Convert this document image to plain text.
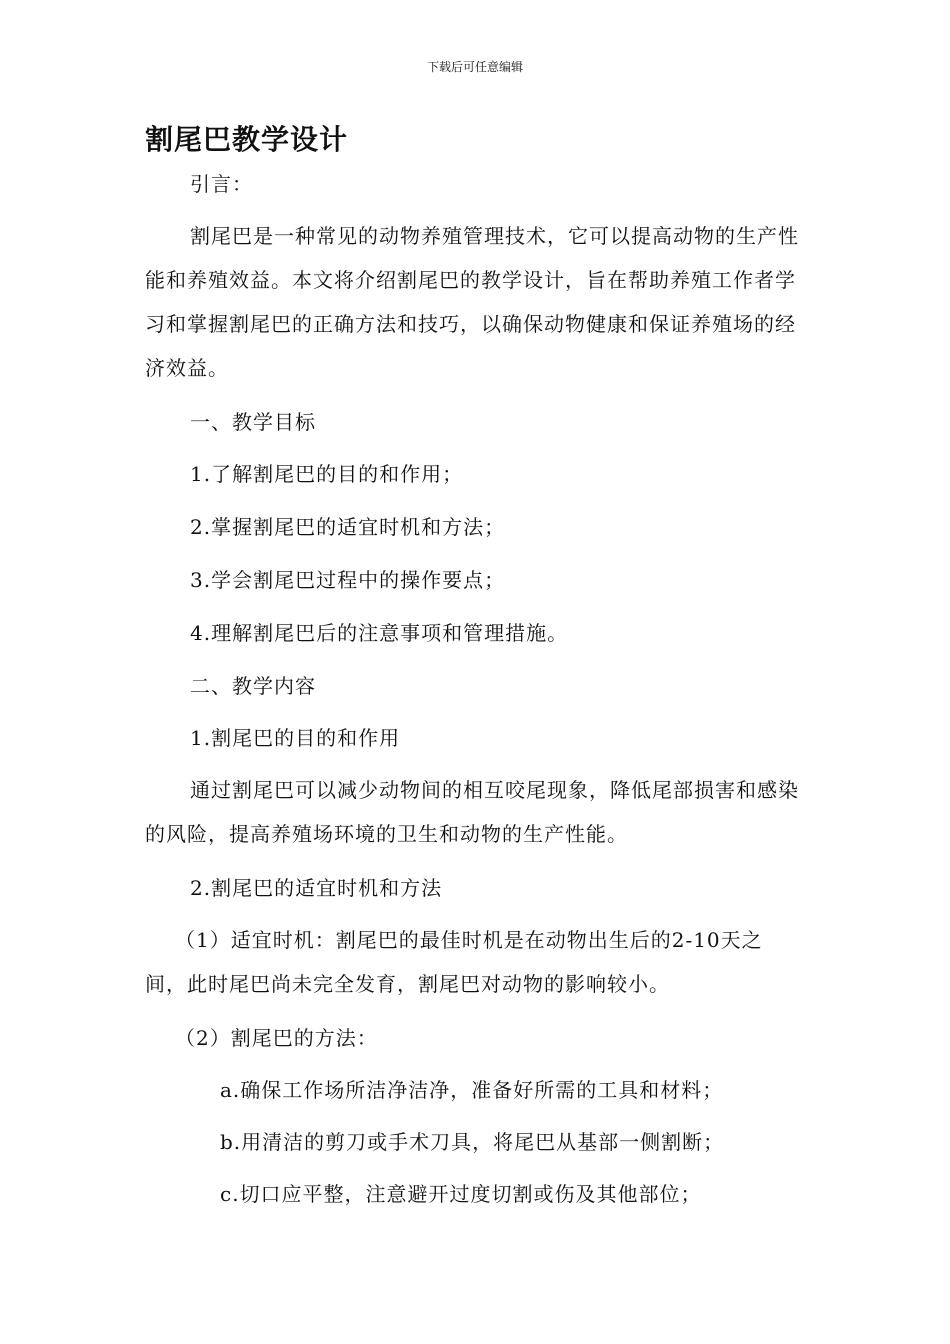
下载后可任意编辑
割尾巴教学设计

引言：

割尾巴是一种常见的动物养殖管理技术，它可以提高动物的生产性能和养殖效益。本文将介绍割尾巴的教学设计，旨在帮助养殖工作者学习和掌握割尾巴的正确方法和技巧，以确保动物健康和保证养殖场的经济效益。

一、教学目标

1.了解割尾巴的目的和作用；

2.掌握割尾巴的适宜时机和方法；

3.学会割尾巴过程中的操作要点；

4.理解割尾巴后的注意事项和管理措施。

二、教学内容

1.割尾巴的目的和作用

通过割尾巴可以减少动物间的相互咬尾现象，降低尾部损害和感染的风险，提高养殖场环境的卫生和动物的生产性能。

2.割尾巴的适宜时机和方法

（1）适宜时机：割尾巴的最佳时机是在动物出生后的2-10天之间，此时尾巴尚未完全发育，割尾巴对动物的影响较小。

（2）割尾巴的方法：

a.确保工作场所洁净洁净，准备好所需的工具和材料；

b.用清洁的剪刀或手术刀具，将尾巴从基部一侧割断；

c.切口应平整，注意避开过度切割或伤及其他部位；
